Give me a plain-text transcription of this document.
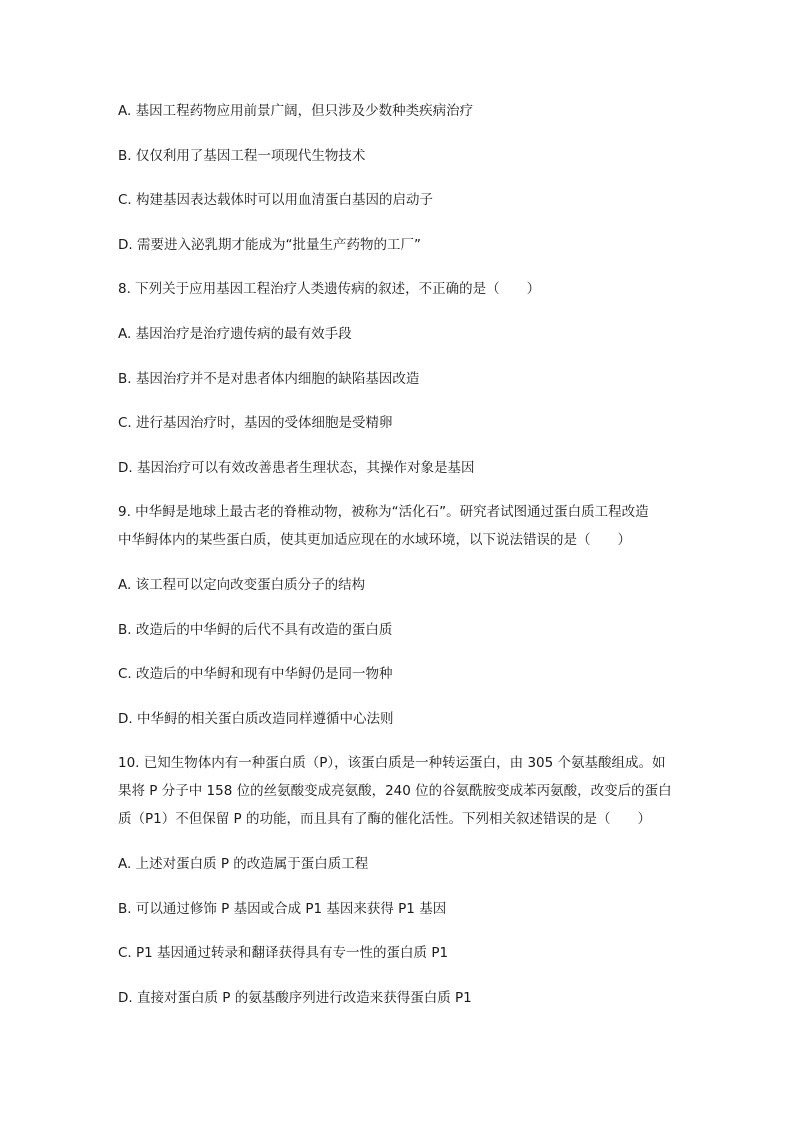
A. 基因工程药物应用前景广阔，但只涉及少数种类疾病治疗
B. 仅仅利用了基因工程一项现代生物技术
C. 构建基因表达载体时可以用血清蛋白基因的启动子
D. 需要进入泌乳期才能成为“批量生产药物的工厂”
8. 下列关于应用基因工程治疗人类遗传病的叙述，不正确的是（　　）
A. 基因治疗是治疗遗传病的最有效手段
B. 基因治疗并不是对患者体内细胞的缺陷基因改造
C. 进行基因治疗时，基因的受体细胞是受精卵
D. 基因治疗可以有效改善患者生理状态，其操作对象是基因
9. 中华鲟是地球上最古老的脊椎动物，被称为“活化石”。研究者试图通过蛋白质工程改造
中华鲟体内的某些蛋白质，使其更加适应现在的水域环境，以下说法错误的是（　　）
A. 该工程可以定向改变蛋白质分子的结构
B. 改造后的中华鲟的后代不具有改造的蛋白质
C. 改造后的中华鲟和现有中华鲟仍是同一物种
D. 中华鲟的相关蛋白质改造同样遵循中心法则
10. 已知生物体内有一种蛋白质（P），该蛋白质是一种转运蛋白，由 305 个氨基酸组成。如
果将 P 分子中 158 位的丝氨酸变成亮氨酸，240 位的谷氨酰胺变成苯丙氨酸，改变后的蛋白
质（P1）不但保留 P 的功能，而且具有了酶的催化活性。下列相关叙述错误的是（　　）
A. 上述对蛋白质 P 的改造属于蛋白质工程
B. 可以通过修饰 P 基因或合成 P1 基因来获得 P1 基因
C. P1 基因通过转录和翻译获得具有专一性的蛋白质 P1
D. 直接对蛋白质 P 的氨基酸序列进行改造来获得蛋白质 P1
